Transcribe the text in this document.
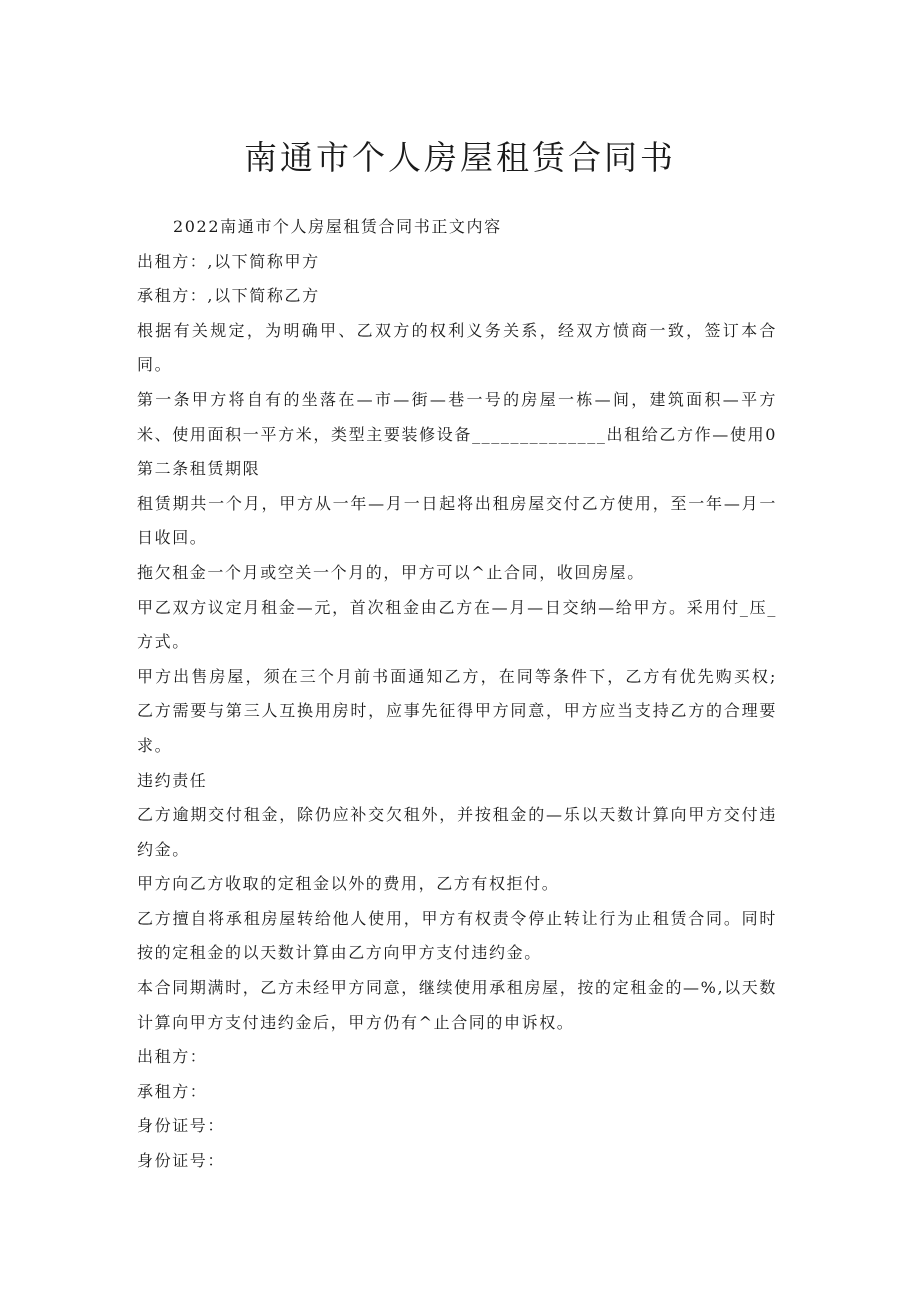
南通市个人房屋租赁合同书

2022南通市个人房屋租赁合同书正文内容

出租方：,以下简称甲方

承租方：,以下简称乙方

根据有关规定，为明确甲、乙双方的权利义务关系，经双方愤商一致，签订本合同。

第一条甲方将自有的坐落在—市—街—巷一号的房屋一栋—间，建筑面积—平方米、使用面积一平方米，类型主要装修设备______________出租给乙方作—使用0第二条租赁期限

租赁期共一个月，甲方从一年—月一日起将出租房屋交付乙方使用，至一年—月一日收回。

拖欠租金一个月或空关一个月的，甲方可以^止合同，收回房屋。

甲乙双方议定月租金—元，首次租金由乙方在—月—日交纳—给甲方。采用付_压_方式。

甲方出售房屋，须在三个月前书面通知乙方，在同等条件下，乙方有优先购买权;乙方需要与第三人互换用房时，应事先征得甲方同意，甲方应当支持乙方的合理要求。

违约责任

乙方逾期交付租金，除仍应补交欠租外，并按租金的—乐以天数计算向甲方交付违约金。

甲方向乙方收取的定租金以外的费用，乙方有权拒付。

乙方擅自将承租房屋转给他人使用，甲方有权责令停止转让行为止租赁合同。同时按的定租金的以天数计算由乙方向甲方支付违约金。

本合同期满时，乙方未经甲方同意，继续使用承租房屋，按的定租金的—%,以天数计算向甲方支付违约金后，甲方仍有^止合同的申诉权。

出租方：

承租方：

身份证号：

身份证号：
